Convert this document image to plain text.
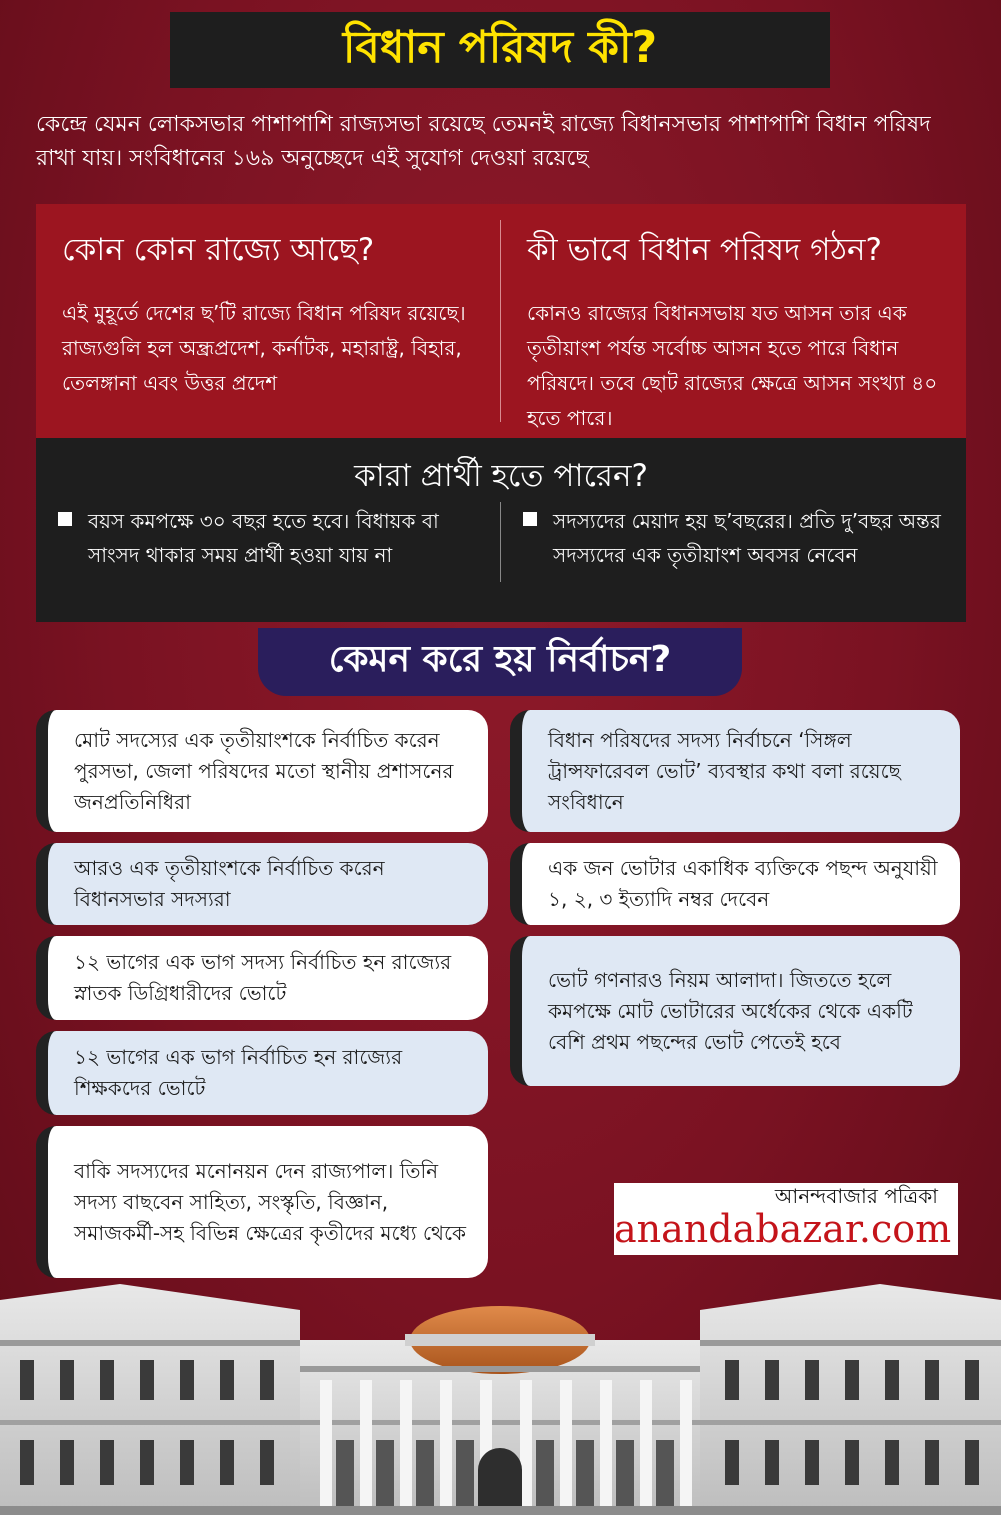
বিধান পরিষদ কী?

কেন্দ্রে যেমন লোকসভার পাশাপাশি রাজ্যসভা রয়েছে তেমনই রাজ্যে বিধানসভার পাশাপাশি বিধান পরিষদ রাখা যায়। সংবিধানের ১৬৯ অনুচ্ছেদে এই সুযোগ দেওয়া রয়েছে

কোন কোন রাজ্যে আছে?

এই মুহূর্তে দেশের ছ’টি রাজ্যে বিধান পরিষদ রয়েছে। রাজ্যগুলি হল অন্ধ্রপ্রদেশ, কর্নাটক, মহারাষ্ট্র, বিহার, তেলঙ্গানা এবং উত্তর প্রদেশ

কী ভাবে বিধান পরিষদ গঠন?

কোনও রাজ্যের বিধানসভায় যত আসন তার এক তৃতীয়াংশ পর্যন্ত সর্বোচ্চ আসন হতে পারে বিধান পরিষদে। তবে ছোট রাজ্যের ক্ষেত্রে আসন সংখ্যা ৪০ হতে পারে।

কারা প্রার্থী হতে পারেন?

বয়স কমপক্ষে ৩০ বছর হতে হবে। বিধায়ক বা সাংসদ থাকার সময় প্রার্থী হওয়া যায় না

সদস্যদের মেয়াদ হয় ছ’বছরের। প্রতি দু’বছর অন্তর সদস্যদের এক তৃতীয়াংশ অবসর নেবেন

কেমন করে হয় নির্বাচন?
মোট সদস্যের এক তৃতীয়াংশকে নির্বাচিত করেন পুরসভা, জেলা পরিষদের মতো স্থানীয় প্রশাসনের জনপ্রতিনিধিরা
আরও এক তৃতীয়াংশকে নির্বাচিত করেন বিধানসভার সদস্যরা
১২ ভাগের এক ভাগ সদস্য নির্বাচিত হন রাজ্যের স্নাতক ডিগ্রিধারীদের ভোটে
১২ ভাগের এক ভাগ নির্বাচিত হন রাজ্যের শিক্ষকদের ভোটে
বাকি সদস্যদের মনোনয়ন দেন রাজ্যপাল। তিনি সদস্য বাছবেন সাহিত্য, সংস্কৃতি, বিজ্ঞান, সমাজকর্মী-সহ বিভিন্ন ক্ষেত্রের কৃতীদের মধ্যে থেকে
বিধান পরিষদের সদস্য নির্বাচনে ‘সিঙ্গল ট্রান্সফারেবল ভোট’ ব্যবস্থার কথা বলা রয়েছে সংবিধানে
এক জন ভোটার একাধিক ব্যক্তিকে পছন্দ অনুযায়ী ১, ২, ৩ ইত্যাদি নম্বর দেবেন
ভোট গণনারও নিয়ম আলাদা। জিততে হলে কমপক্ষে মোট ভোটারের অর্ধেকের থেকে একটি বেশি প্রথম পছন্দের ভোট পেতেই হবে
আনন্দবাজার পত্রিকা
anandabazar.com
